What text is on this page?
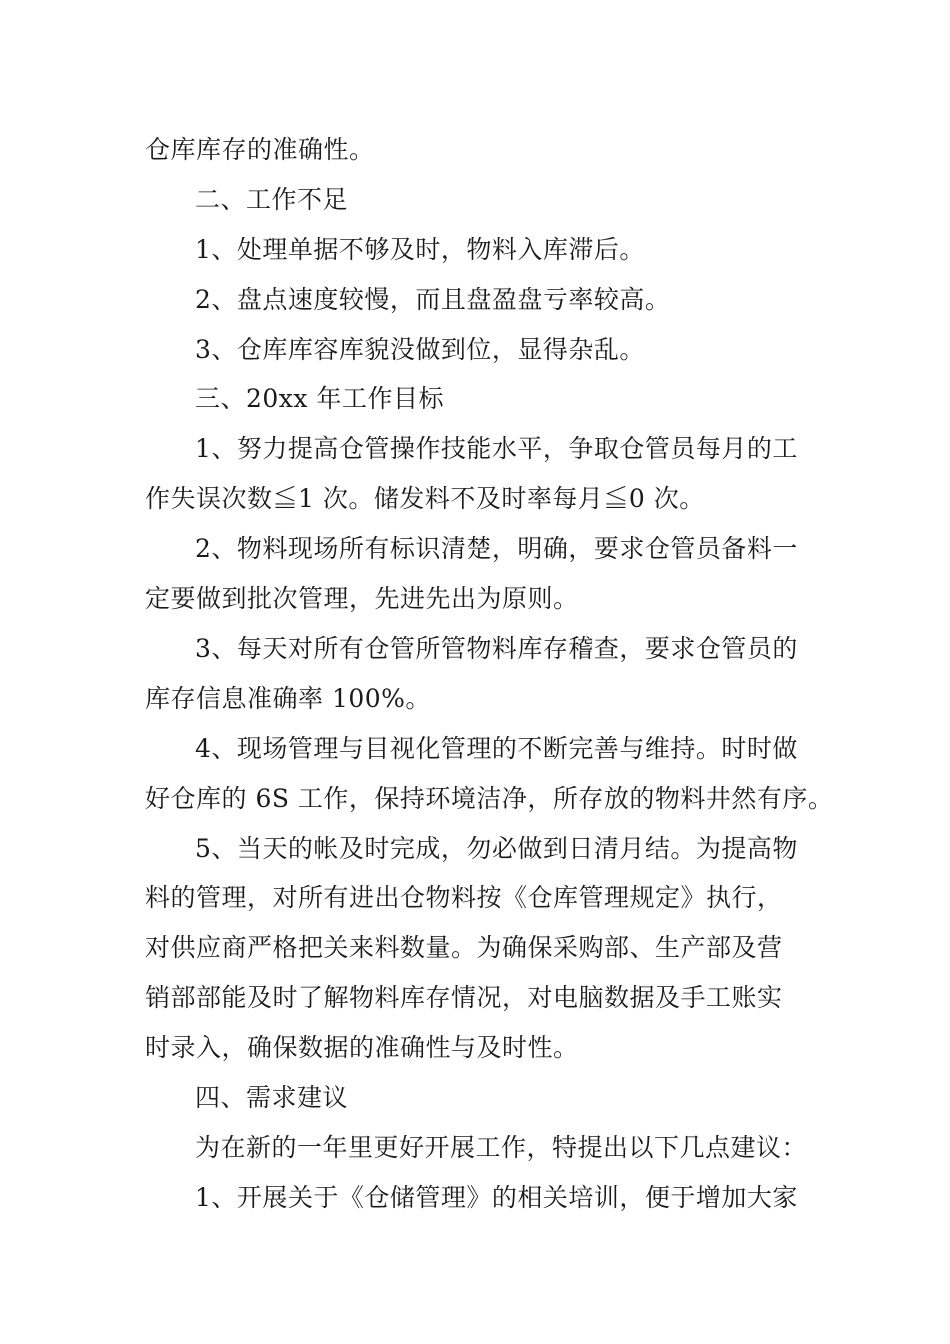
仓库库存的准确性。
二、工作不足
1、处理单据不够及时，物料入库滞后。
2、盘点速度较慢，而且盘盈盘亏率较高。
3、仓库库容库貌没做到位，显得杂乱。
三、20xx 年工作目标
1、努力提高仓管操作技能水平，争取仓管员每月的工
作失误次数≦1 次。储发料不及时率每月≦0 次。
2、物料现场所有标识清楚，明确，要求仓管员备料一
定要做到批次管理，先进先出为原则。
3、每天对所有仓管所管物料库存稽查，要求仓管员的
库存信息准确率 100%。
4、现场管理与目视化管理的不断完善与维持。时时做
好仓库的 6S 工作，保持环境洁净，所存放的物料井然有序。
5、当天的帐及时完成，勿必做到日清月结。为提高物
料的管理，对所有进出仓物料按《仓库管理规定》执行，
对供应商严格把关来料数量。为确保采购部、生产部及营
销部部能及时了解物料库存情况，对电脑数据及手工账实
时录入，确保数据的准确性与及时性。
四、需求建议
为在新的一年里更好开展工作，特提出以下几点建议：
1、开展关于《仓储管理》的相关培训，便于增加大家
